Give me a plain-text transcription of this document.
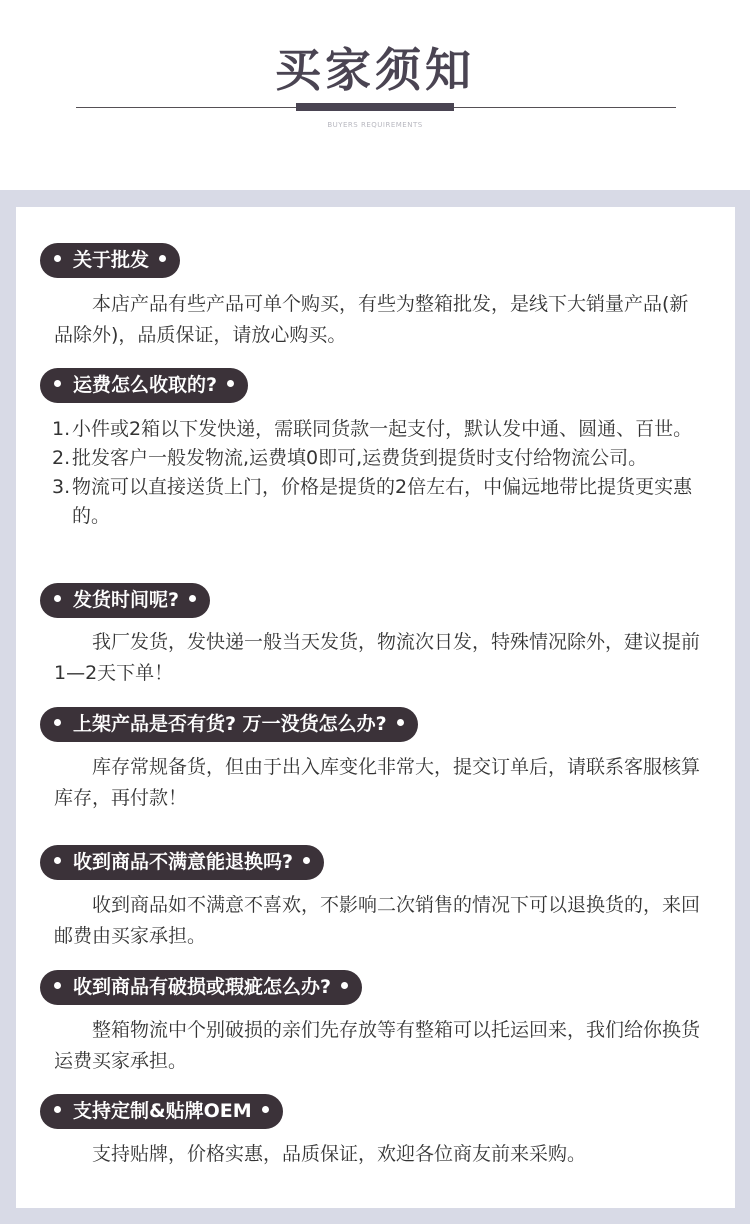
买家须知
BUYERS REQUIREMENTS
关于批发

本店产品有些产品可单个购买，有些为整箱批发，是线下大销量产品(新品除外)，品质保证，请放心购买。

运费怎么收取的?
1. 小件或2箱以下发快递，需联同货款一起支付，默认发中通、圆通、百世。
2. 批发客户一般发物流,运费填0即可,运费货到提货时支付给物流公司。
3. 物流可以直接送货上门，价格是提货的2倍左右，中偏远地带比提货更实惠的。
发货时间呢?

我厂发货，发快递一般当天发货，物流次日发，特殊情况除外，建议提前1—2天下单！

上架产品是否有货? 万一没货怎么办?

库存常规备货，但由于出入库变化非常大，提交订单后，请联系客服核算库存，再付款！

收到商品不满意能退换吗?

收到商品如不满意不喜欢，不影响二次销售的情况下可以退换货的，来回邮费由买家承担。

收到商品有破损或瑕疵怎么办?

整箱物流中个别破损的亲们先存放等有整箱可以托运回来，我们给你换货运费买家承担。

支持定制&贴牌OEM

支持贴牌，价格实惠，品质保证，欢迎各位商友前来采购。
